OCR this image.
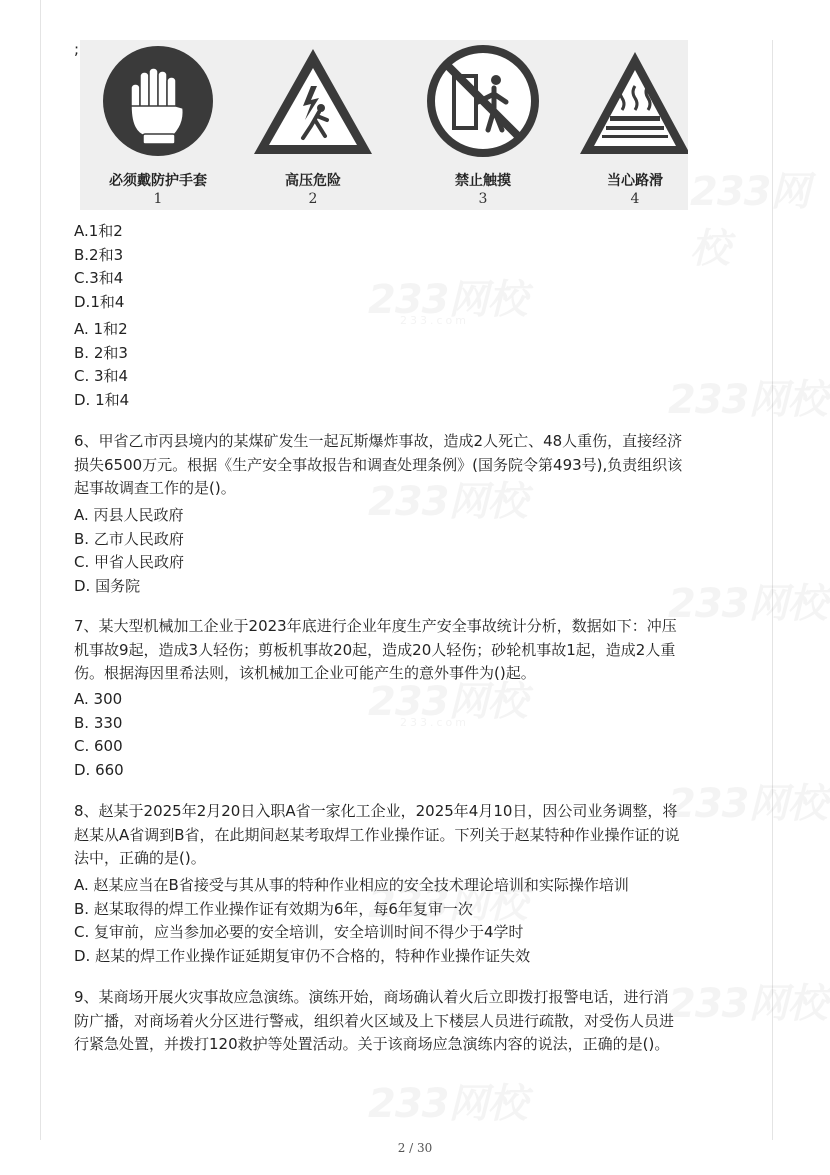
233.com
233.com
;
必须戴防护手套
1
高压危险
2
禁止触摸
3
当心路滑
4
A.1和2
B.2和3
C.3和4
D.1和4
A. 1和2
B. 2和3
C. 3和4
D. 1和4
6、甲省乙市丙县境内的某煤矿发生一起瓦斯爆炸事故，造成2人死亡、48人重伤，直接经济
损失6500万元。根据《生产安全事故报告和调查处理条例》(国务院令第493号),负责组织该
起事故调查工作的是()。
A. 丙县人民政府
B. 乙市人民政府
C. 甲省人民政府
D. 国务院
7、某大型机械加工企业于2023年底进行企业年度生产安全事故统计分析，数据如下：冲压
机事故9起，造成3人轻伤；剪板机事故20起，造成20人轻伤；砂轮机事故1起，造成2人重
伤。根据海因里希法则，该机械加工企业可能产生的意外事件为()起。
A. 300
B. 330
C. 600
D. 660
8、赵某于2025年2月20日入职A省一家化工企业，2025年4月10日，因公司业务调整，将
赵某从A省调到B省，在此期间赵某考取焊工作业操作证。下列关于赵某特种作业操作证的说
法中，正确的是()。
A. 赵某应当在B省接受与其从事的特种作业相应的安全技术理论培训和实际操作培训
B. 赵某取得的焊工作业操作证有效期为6年，每6年复审一次
C. 复审前，应当参加必要的安全培训，安全培训时间不得少于4学时
D. 赵某的焊工作业操作证延期复审仍不合格的，特种作业操作证失效
9、某商场开展火灾事故应急演练。演练开始，商场确认着火后立即拨打报警电话，进行消
防广播，对商场着火分区进行警戒，组织着火区域及上下楼层人员进行疏散，对受伤人员进
行紧急处置，并拨打120救护等处置活动。关于该商场应急演练内容的说法，正确的是()。
2 / 30
